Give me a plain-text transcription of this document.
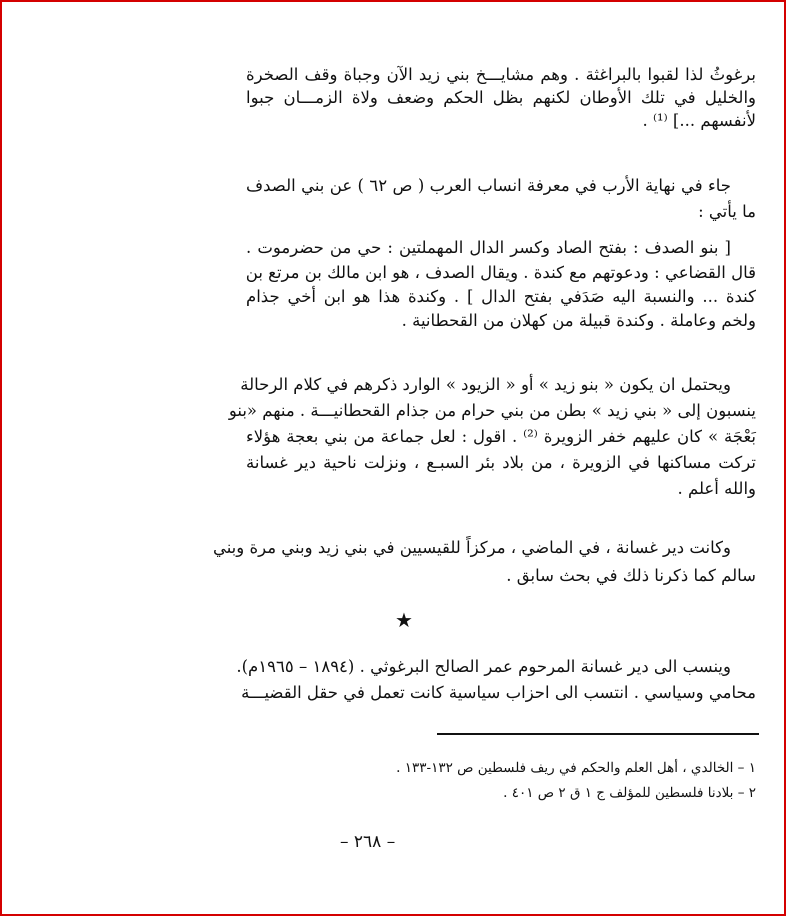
برغوثُ لذا لقبوا بالبراغثة . وهم مشايـــخ بني زيد الآن وجباة وقف الصخرة
والخليل في تلك الأوطان لكنهم بظل الحكم وضعف ولاة الزمـــان جبوا
لأنفسهم ...] ⁽¹⁾ .
جاء في نهاية الأرب في معرفة انساب العرب ( ص ٦٢ ) عن بني الصدف
ما يأتي :
[ بنو الصدف : بفتح الصاد وكسر الدال المهملتين : حي من حضرموت .
قال القضاعي : ودعوتهم مع كندة . ويقال الصدف ، هو ابن مالك بن مرتع بن
كندة ... والنسبة اليه صَدَفي بفتح الدال ] . وكندة هذا هو ابن أخي جذام
ولخم وعاملة . وكندة قبيلة من كهلان من القحطانية .
ويحتمل ان يكون « بنو زيد » أو « الزيود » الوارد ذكرهم في كلام الرحالة
ينسبون إلى « بني زيد » بطن من بني حرام من جذام القحطانيـــة . منهم «بنو
بَعْجَة » كان عليهم خفر الزويرة ⁽²⁾ . اقول : لعل جماعة من بني بعجة هؤلاء
تركت مساكنها في الزويرة ، من بلاد بئر السبـع ، ونزلت ناحية دير غسانة
والله أعلم .
وكانت دير غسانة ، في الماضي ، مركزاً للقيسيين في بني زيد وبني مرة وبني
سالم كما ذكرنا ذلك في بحث سابق .
★
وينسب الى دير غسانة المرحوم عمر الصالح البرغوثي . (١٨٩٤ – ١٩٦٥م).
محامي وسياسي . انتسب الى احزاب سياسية كانت تعمل في حقل القضيـــة
١ – الخالدي ، أهل العلم والحكم في ريف فلسطين ص ١٣٢-١٣٣ .
٢ – بلادنا فلسطين للمؤلف ج ١ ق ٢ ص ٤٠١ .
– ٢٦٨ –
